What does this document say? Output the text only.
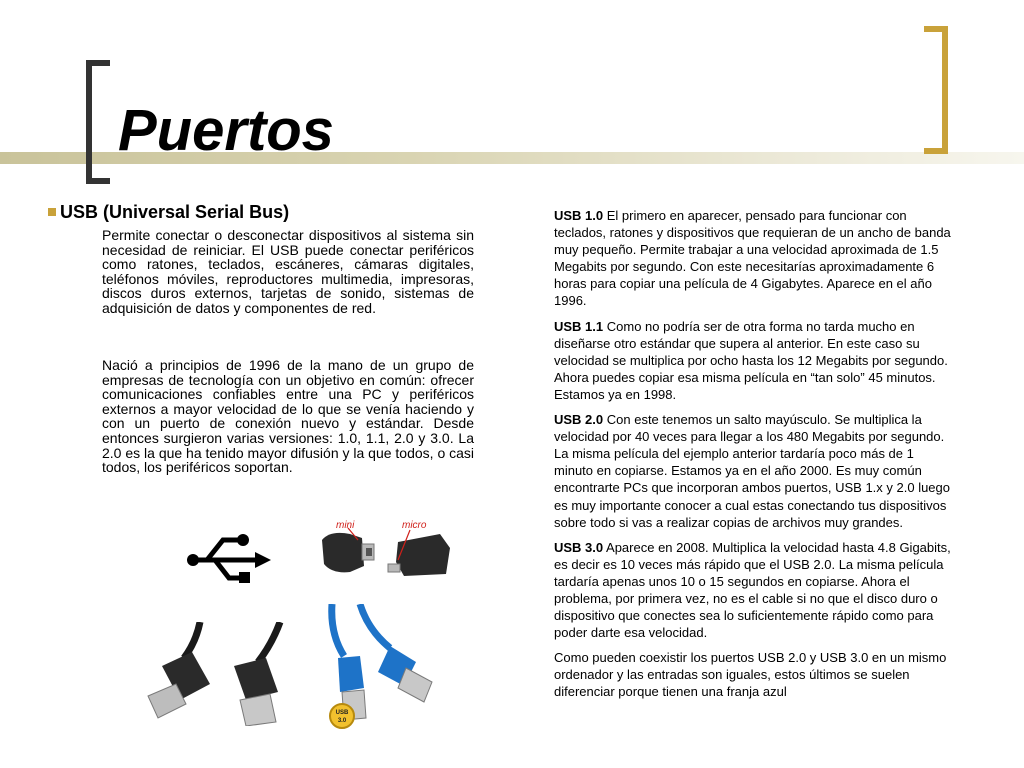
Puertos
USB (Universal Serial Bus)

Permite conectar o desconectar dispositivos al sistema sin necesidad de reiniciar. El USB puede conectar periféricos como ratones, teclados, escáneres, cámaras digitales, teléfonos móviles, reproductores multimedia, impresoras, discos duros externos, tarjetas de sonido, sistemas de adquisición de datos y componentes de red.

Nació a principios de 1996 de la mano de un grupo de empresas de tecnología con un objetivo en común: ofrecer comunicaciones confiables entre una PC y periféricos externos a mayor velocidad de lo que se venía haciendo y con un puerto de conexión nuevo y estándar. Desde entonces surgieron varias versiones: 1.0, 1.1, 2.0 y 3.0. La 2.0 es la que ha tenido mayor difusión y la que todos, o casi todos, los periféricos soportan.

mini	micro
USB
3.0

USB 1.0 El primero en aparecer, pensado para funcionar con teclados, ratones y dispositivos que requieran de un ancho de banda muy pequeño. Permite trabajar a una velocidad aproximada de 1.5 Megabits por segundo. Con este necesitarías aproximadamente 6 horas para copiar una película de 4 Gigabytes. Aparece en el año 1996.

USB 1.1 Como no podría ser de otra forma no tarda mucho en diseñarse otro estándar que supera al anterior. En este caso su velocidad se multiplica por ocho hasta los 12 Megabits por segundo. Ahora puedes copiar esa misma película en “tan solo” 45 minutos. Estamos ya en 1998.

USB 2.0 Con este tenemos un salto mayúsculo. Se multiplica la velocidad por 40 veces para llegar a los 480 Megabits por segundo. La misma película del ejemplo anterior tardaría poco más de 1 minuto en copiarse. Estamos ya en el año 2000. Es muy común encontrarte PCs que incorporan ambos puertos, USB 1.x y 2.0 luego es muy importante conocer a cual estas conectando tus dispositivos sobre todo si vas a realizar copias de archivos muy grandes.

USB 3.0 Aparece en 2008. Multiplica la velocidad hasta 4.8 Gigabits, es decir es 10 veces más rápido que el USB 2.0. La misma película tardaría apenas unos 10 o 15 segundos en copiarse. Ahora el problema, por primera vez, no es el cable si no que el disco duro o dispositivo que conectes sea lo suficientemente rápido como para poder darte esa velocidad.

Como pueden coexistir los puertos USB 2.0 y USB 3.0 en un mismo ordenador y las entradas son iguales, estos últimos se suelen diferenciar porque tienen una franja azul
